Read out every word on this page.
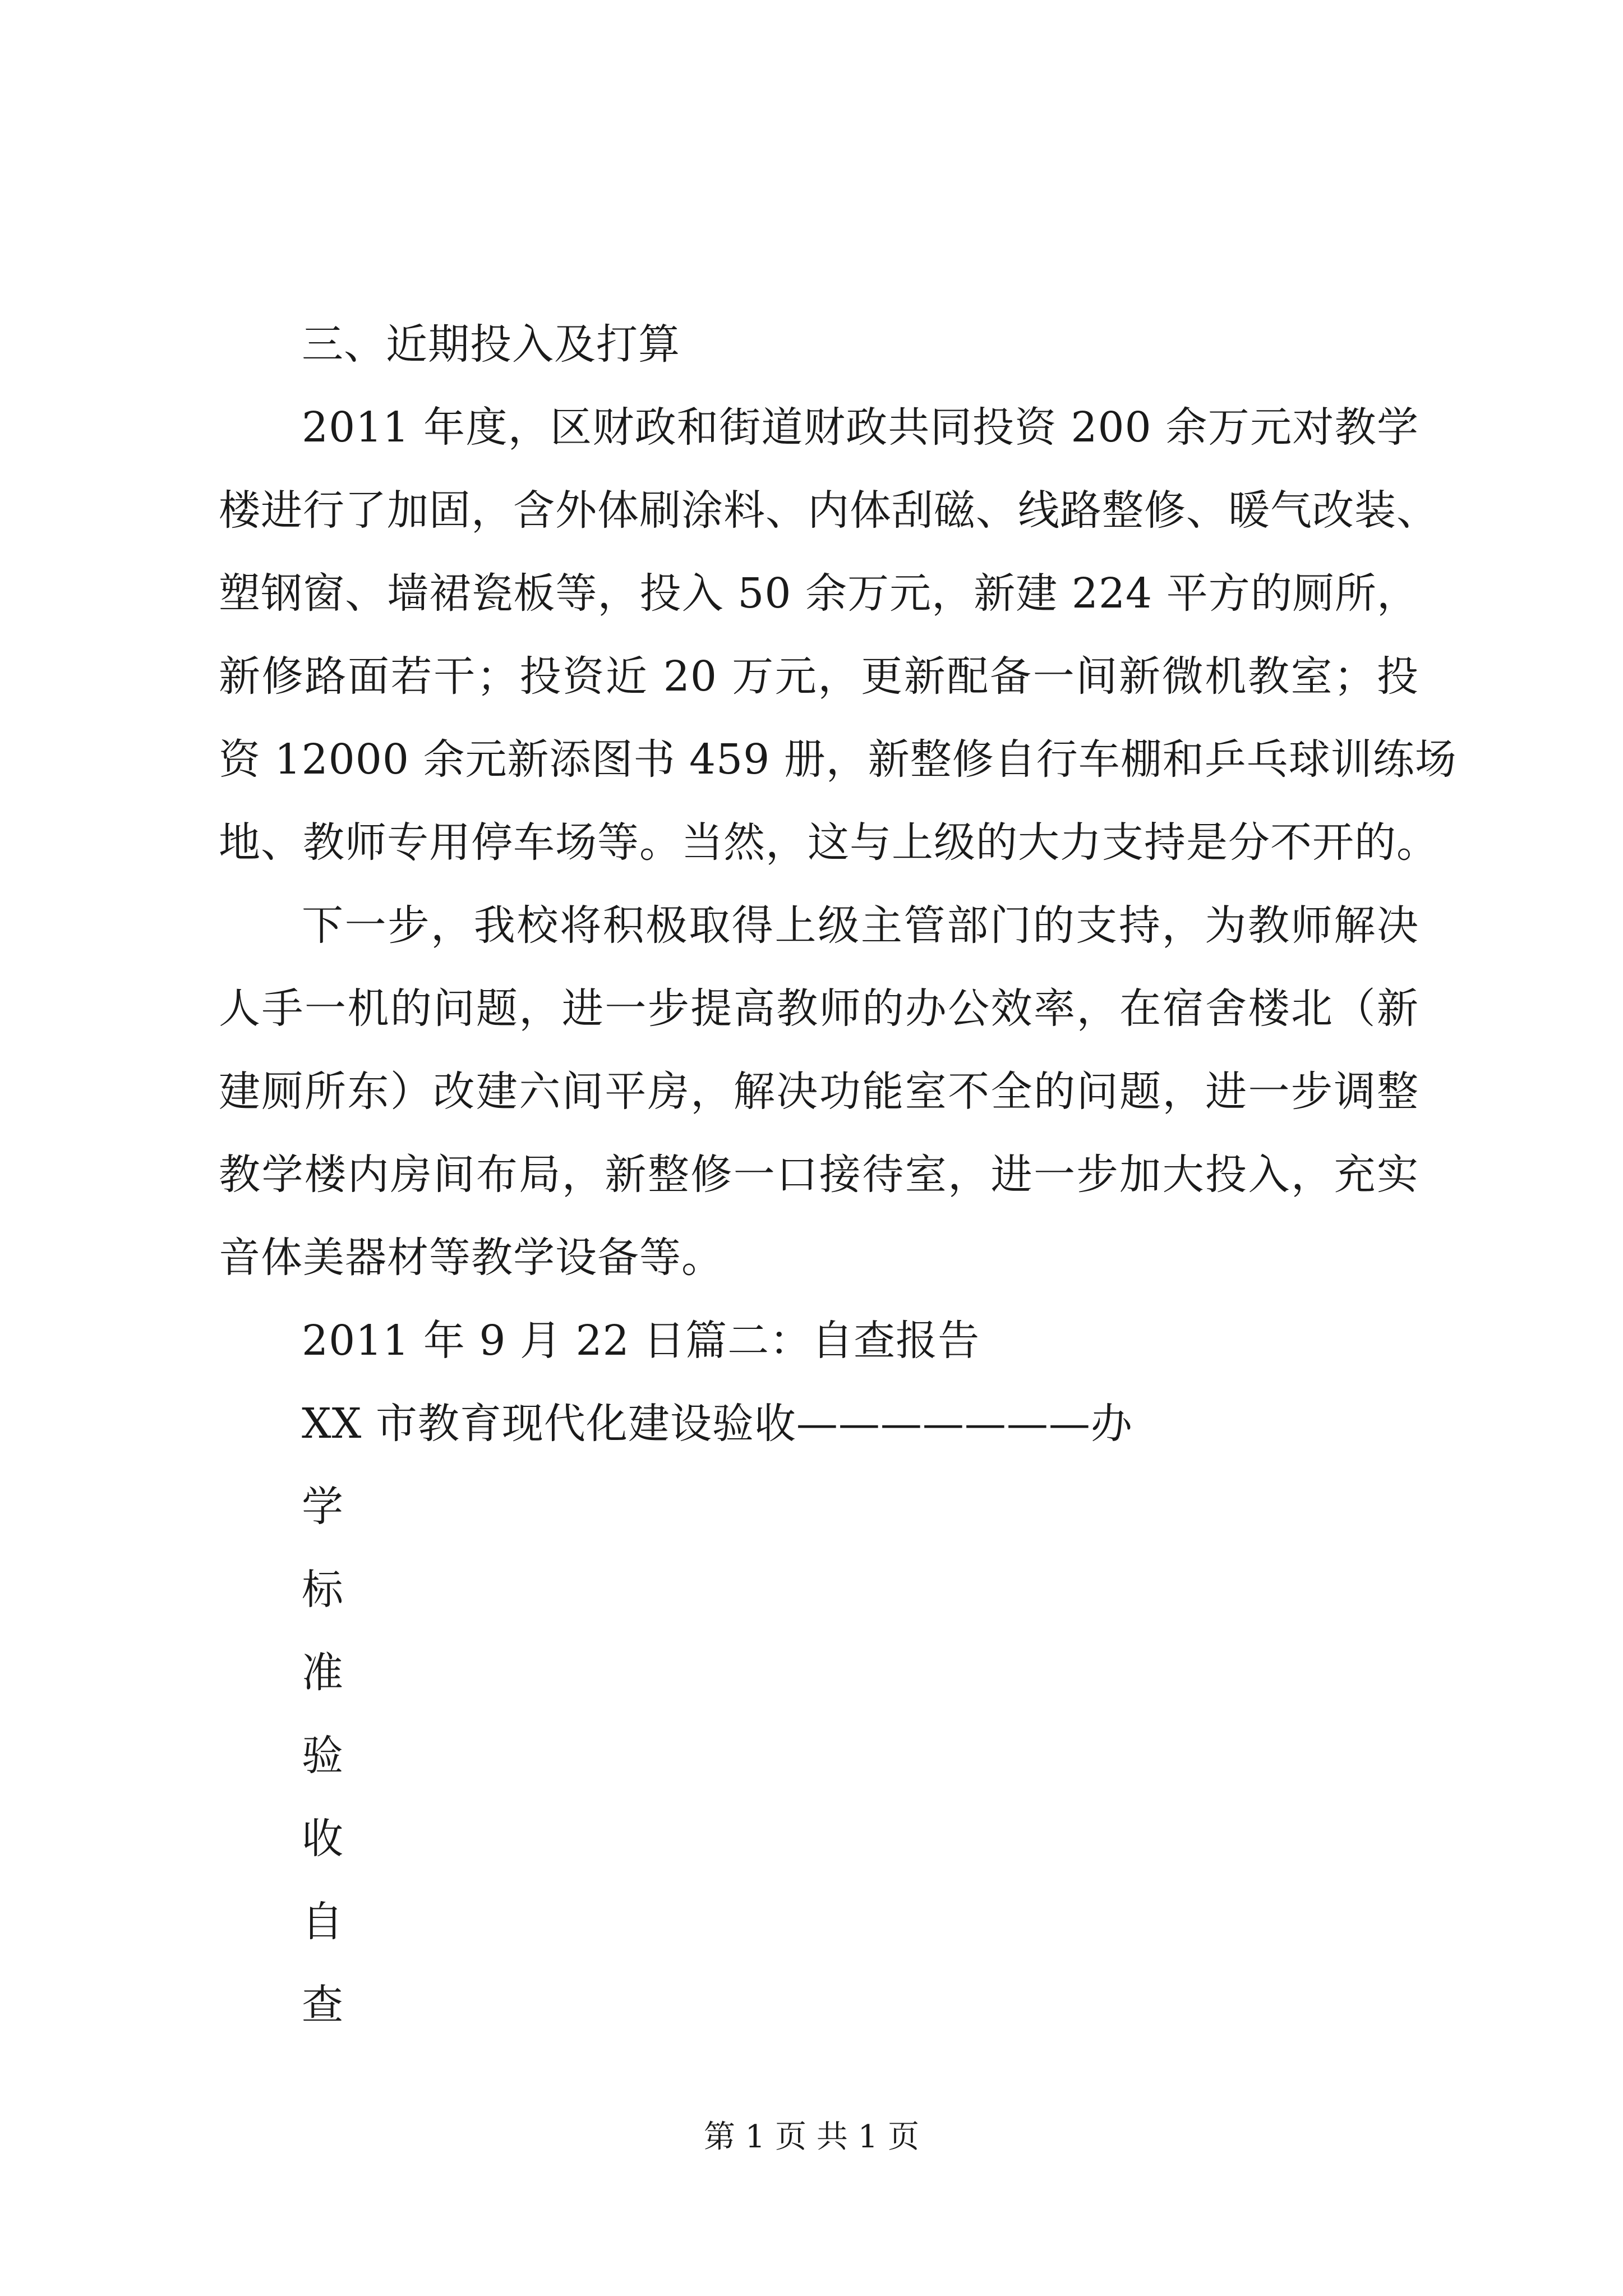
三、近期投入及打算
2011 年度，区财政和街道财政共同投资 200 余万元对教学
楼进行了加固，含外体刷涂料、内体刮磁、线路整修、暖气改装、
塑钢窗、墙裙瓷板等，投入 50 余万元，新建 224 平方的厕所，
新修路面若干；投资近 20 万元，更新配备一间新微机教室；投
资 12000 余元新添图书 459 册，新整修自行车棚和乒乓球训练场
地、教师专用停车场等。当然，这与上级的大力支持是分不开的。
下一步，我校将积极取得上级主管部门的支持，为教师解决
人手一机的问题，进一步提高教师的办公效率，在宿舍楼北（新
建厕所东）改建六间平房，解决功能室不全的问题，进一步调整
教学楼内房间布局，新整修一口接待室，进一步加大投入，充实
音体美器材等教学设备等。
2011 年 9 月 22 日篇二：自查报告
XX 市教育现代化建设验收———————办
学
标
准
验
收
自
查
第 1 页 共 1 页
